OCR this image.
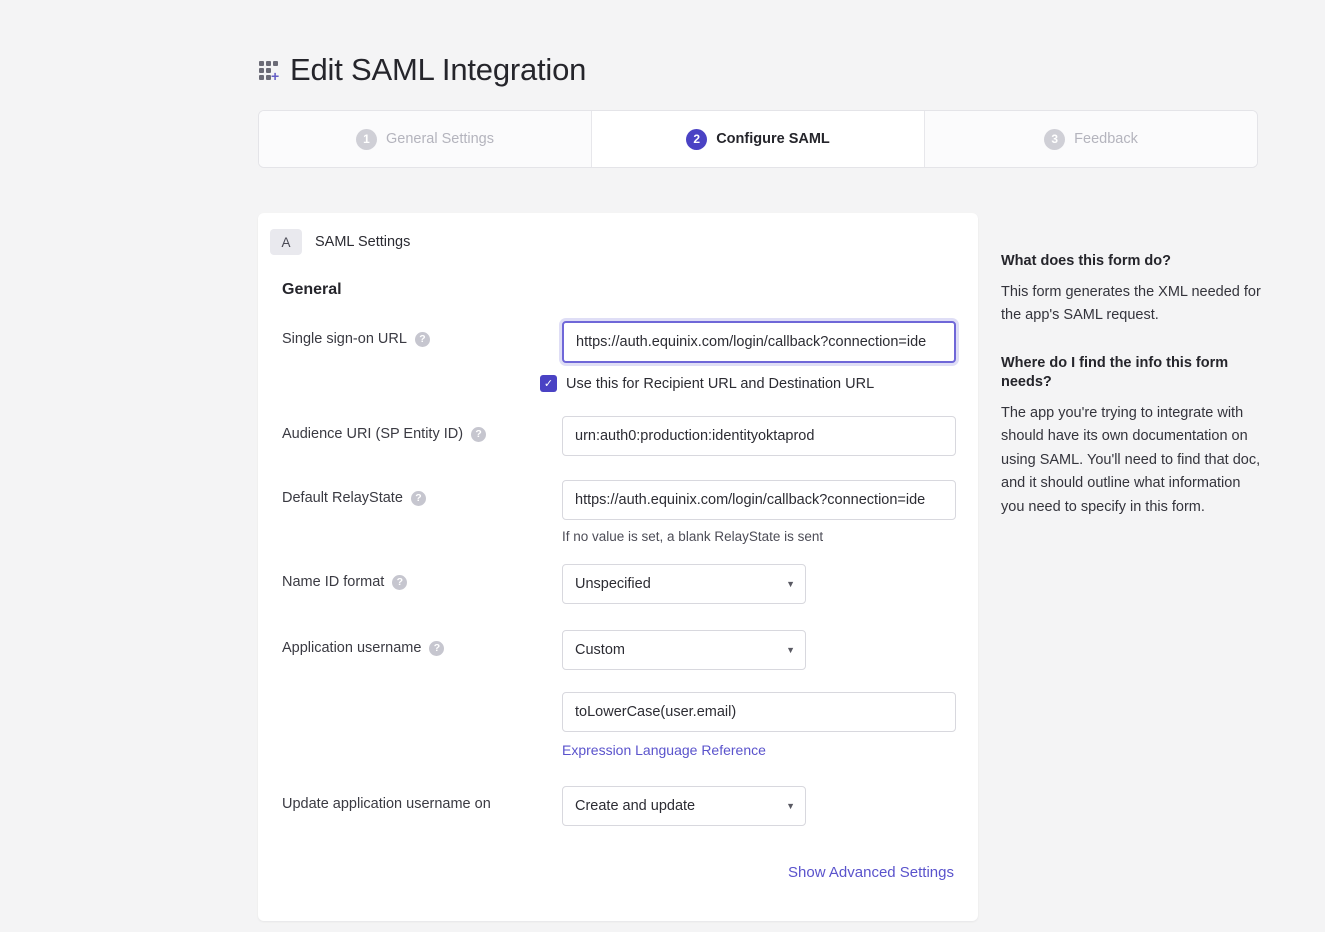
+ Edit SAML Integration
1	General Settings	2	Configure SAML	3	Feedback
A	SAML Settings
General
Single sign-on URL	?	https://auth.equinix.com/login/callback?connection=ide
✓ Use this for Recipient URL and Destination URL
Audience URI (SP Entity ID)	?	urn:auth0:production:identityoktaprod
Default RelayState	?	https://auth.equinix.com/login/callback?connection=ide
If no value is set, a blank RelayState is sent
Name ID format	?	Unspecified	▼
Application username	?	Custom	▼
toLowerCase(user.email)
Expression Language Reference
Update application username on	Create and update	▼
Show Advanced Settings
What does this form do?

This form generates the XML needed for the app's SAML request.

Where do I find the info this form needs?

The app you're trying to integrate with should have its own documentation on using SAML. You'll need to find that doc, and it should outline what information you need to specify in this form.
